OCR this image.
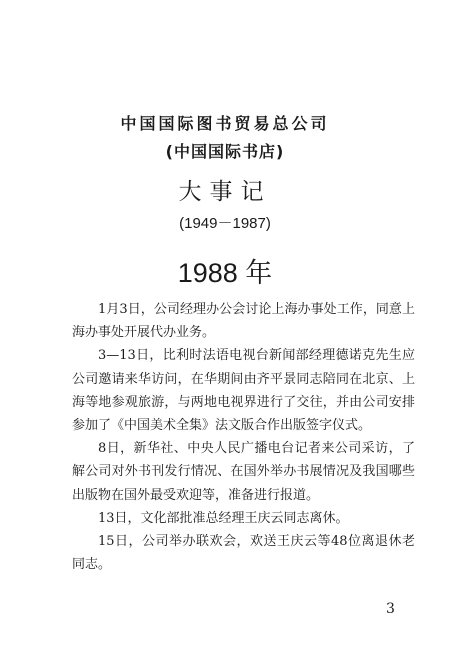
中国国际图书贸易总公司
(中国国际书店)
大事记
(1949－1987)
1988 年

1月3日，公司经理办公会讨论上海办事处工作，同意上海办事处开展代办业务。

3—13日，比利时法语电视台新闻部经理德诺克先生应公司邀请来华访问，在华期间由齐平景同志陪同在北京、上海等地参观旅游，与两地电视界进行了交往，并由公司安排参加了《中国美术全集》法文版合作出版签字仪式。

8日，新华社、中央人民广播电台记者来公司采访，了解公司对外书刊发行情况、在国外举办书展情况及我国哪些出版物在国外最受欢迎等，准备进行报道。

13日，文化部批准总经理王庆云同志离休。

15日，公司举办联欢会，欢送王庆云等48位离退休老同志。

3
